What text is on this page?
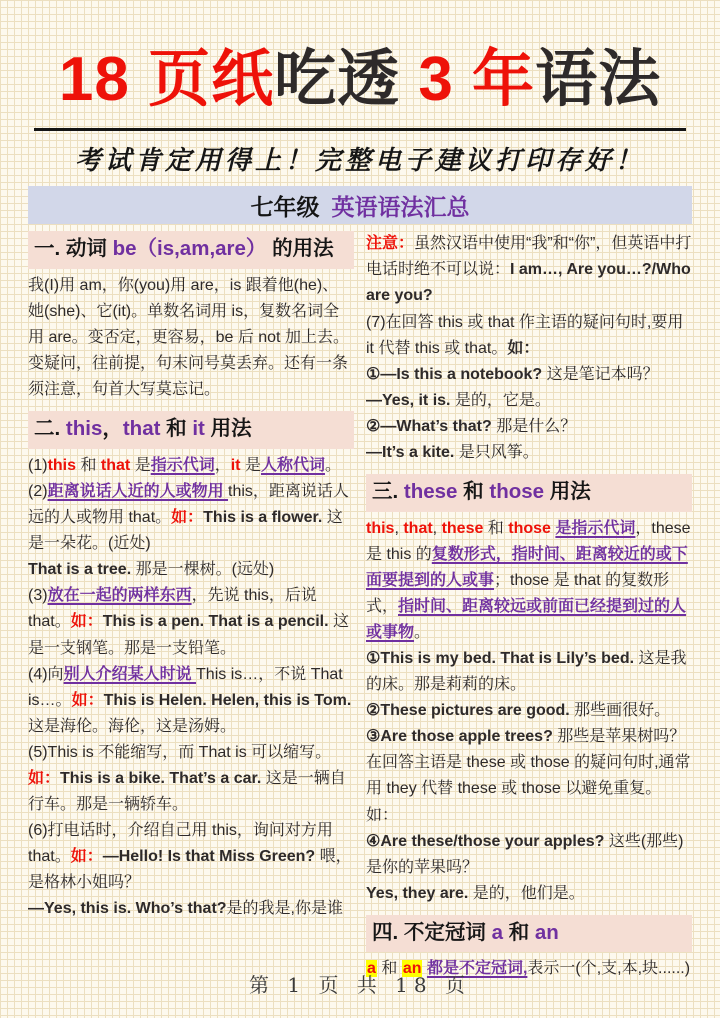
18 页纸吃透 3 年语法
考试肯定用得上！完整电子建议打印存好！
七年级 英语语法汇总
一. 动词 be（is,am,are） 的用法
我(I)用 am，你(you)用 are，is 跟着他(he)、她(she)、它(it)。单数名词用 is，复数名词全用 are。变否定，更容易，be 后 not 加上去。变疑问，往前提，句末问号莫丢弃。还有一条须注意，句首大写莫忘记。
二. this，that 和 it 用法
(1)this 和 that 是指示代词，it 是人称代词。
(2)距离说话人近的人或物用 this，距离说话人远的人或物用 that。如：This is a flower. 这是一朵花。(近处)
That is a tree. 那是一棵树。(远处)
(3)放在一起的两样东西，先说 this，后说 that。如：This is a pen. That is a pencil. 这是一支钢笔。那是一支铅笔。
(4)向别人介绍某人时说 This is…，不说 That is…。如：This is Helen. Helen, this is Tom. 这是海伦。海伦，这是汤姆。
(5)This is 不能缩写，而 That is 可以缩写。如：This is a bike. That’s a car. 这是一辆自行车。那是一辆轿车。
(6)打电话时，介绍自己用 this，询问对方用 that。如：—Hello! Is that Miss Green? 喂，是格林小姐吗？
—Yes, this is. Who’s that?是的我是,你是谁
注意：虽然汉语中使用“我”和“你”，但英语中打电话时绝不可以说：I am…, Are you…?/Who are you?
(7)在回答 this 或 that 作主语的疑问句时,要用 it 代替 this 或 that。如：
①—Is this a notebook? 这是笔记本吗？
—Yes, it is. 是的，它是。
②—What’s that? 那是什么？
—It’s a kite. 是只风筝。
三. these 和 those 用法
this, that, these 和 those 是指示代词，these 是 this 的复数形式，指时间、距离较近的或下面要提到的人或事；those 是 that 的复数形式，指时间、距离较远或前面已经提到过的人或事物。
①This is my bed. That is Lily’s bed. 这是我的床。那是莉莉的床。
②These pictures are good. 那些画很好。
③Are those apple trees? 那些是苹果树吗？在回答主语是 these 或 those 的疑问句时,通常用 they 代替 these 或 those 以避免重复。如：
④Are these/those your apples? 这些(那些)是你的苹果吗？
Yes, they are. 是的，他们是。
四. 不定冠词 a 和 an
a 和 an 都是不定冠词,表示一(个,支,本,块......)
第 1 页 共 18 页
